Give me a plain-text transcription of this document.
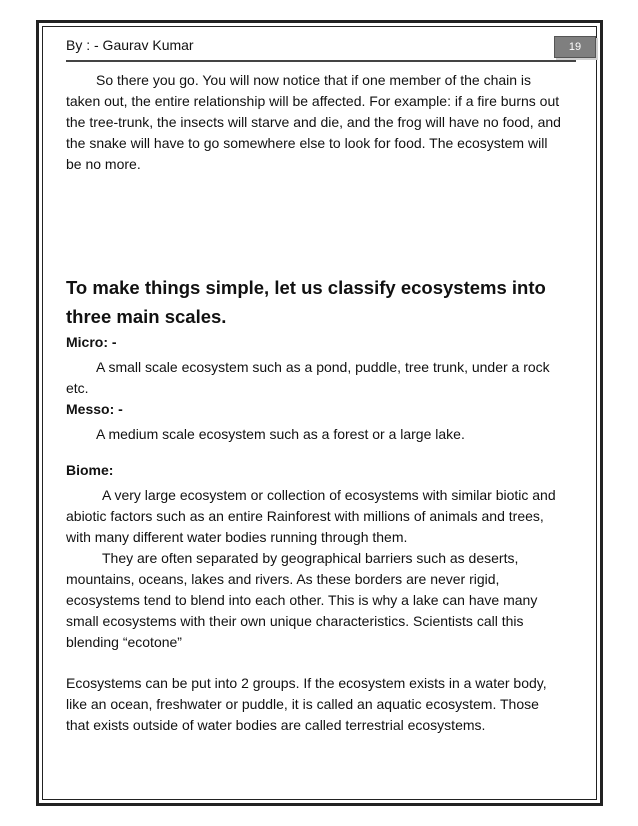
By : - Gaurav Kumar	19

So there you go. You will now notice that if one member of the chain is taken out, the entire relationship will be affected. For example: if a fire burns out the tree-trunk, the insects will starve and die, and the frog will have no food, and the snake will have to go somewhere else to look for food. The ecosystem will be no more.

To make things simple, let us classify ecosystems into three main scales.

Micro: -

A small scale ecosystem such as a pond, puddle, tree trunk, under a rock etc.

Messo: -

A medium scale ecosystem such as a forest or a large lake.

Biome:

A very large ecosystem or collection of ecosystems with similar biotic and abiotic factors such as an entire Rainforest with millions of animals and trees, with many different water bodies running through them.

They are often separated by geographical barriers such as deserts, mountains, oceans, lakes and rivers. As these borders are never rigid, ecosystems tend to blend into each other. This is why a lake can have many small ecosystems with their own unique characteristics. Scientists call this blending “ecotone”

Ecosystems can be put into 2 groups. If the ecosystem exists in a water body, like an ocean, freshwater or puddle, it is called an aquatic ecosystem. Those that exists outside of water bodies are called terrestrial ecosystems.
